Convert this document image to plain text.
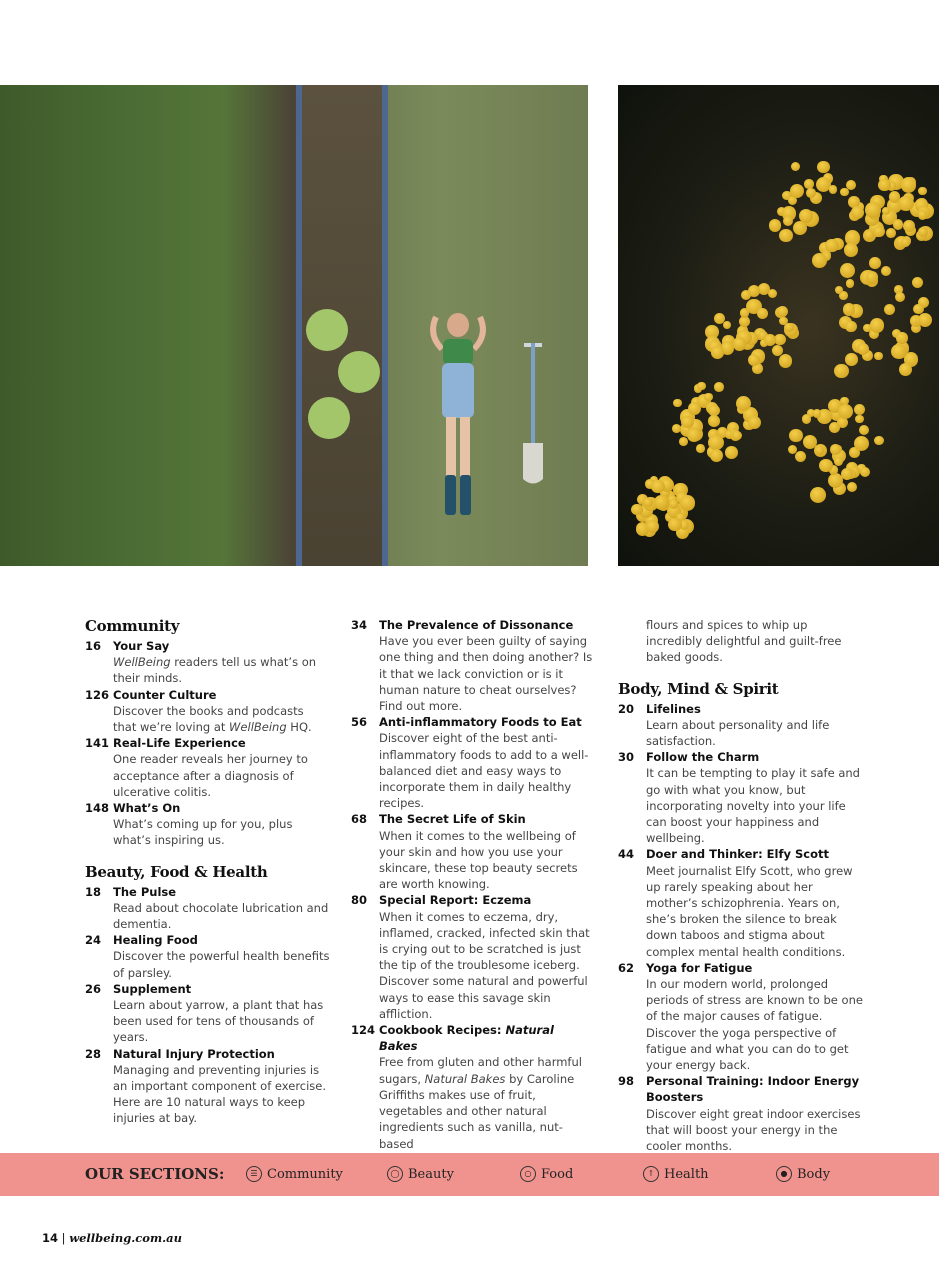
Community
16	Your Say
WellBeing readers tell us what’s on their minds.
126 Counter Culture
Discover the books and podcasts that we’re loving at WellBeing HQ.
141 Real-Life Experience
One reader reveals her journey to acceptance after a diagnosis of ulcerative colitis.
148 What’s On
What’s coming up for you, plus what’s inspiring us.
Beauty, Food & Health
18	The Pulse
Read about chocolate lubrication and dementia.
24	Healing Food
Discover the powerful health benefits of parsley.
26	Supplement
Learn about yarrow, a plant that has been used for tens of thousands of years.
28	Natural Injury Protection
Managing and preventing injuries is an important component of exercise. Here are 10 natural ways to keep injuries at bay.
34	The Prevalence of Dissonance
Have you ever been guilty of saying one thing and then doing another? Is it that we lack conviction or is it human nature to cheat ourselves? Find out more.
56	Anti-inflammatory Foods to Eat
Discover eight of the best anti-inflammatory foods to add to a well-balanced diet and easy ways to incorporate them in daily healthy recipes.
68	The Secret Life of Skin
When it comes to the wellbeing of your skin and how you use your skincare, these top beauty secrets are worth knowing.
80	Special Report: Eczema
When it comes to eczema, dry, inflamed, cracked, infected skin that is crying out to be scratched is just the tip of the troublesome iceberg. Discover some natural and powerful ways to ease this savage skin affliction.
124 Cookbook Recipes: Natural Bakes
Free from gluten and other harmful sugars, Natural Bakes by Caroline Griffiths makes use of fruit, vegetables and other natural ingredients such as vanilla, nut-based
flours and spices to whip up incredibly delightful and guilt-free baked goods.
Body, Mind & Spirit
20	Lifelines
Learn about personality and life satisfaction.
30	Follow the Charm
It can be tempting to play it safe and go with what you know, but incorporating novelty into your life can boost your happiness and wellbeing.
44	Doer and Thinker: Elfy Scott
Meet journalist Elfy Scott, who grew up rarely speaking about her mother’s schizophrenia. Years on, she’s broken the silence to break down taboos and stigma about complex mental health conditions.
62	Yoga for Fatigue
In our modern world, prolonged periods of stress are known to be one of the major causes of fatigue. Discover the yoga perspective of fatigue and what you can do to get your energy back.
98	Personal Training: Indoor Energy Boosters
Discover eight great indoor exercises that will boost your energy in the cooler months.
OUR SECTIONS:	☰ Community	◯ Beauty	○ Food	↑ Health	● Body
14 | wellbeing.com.au
